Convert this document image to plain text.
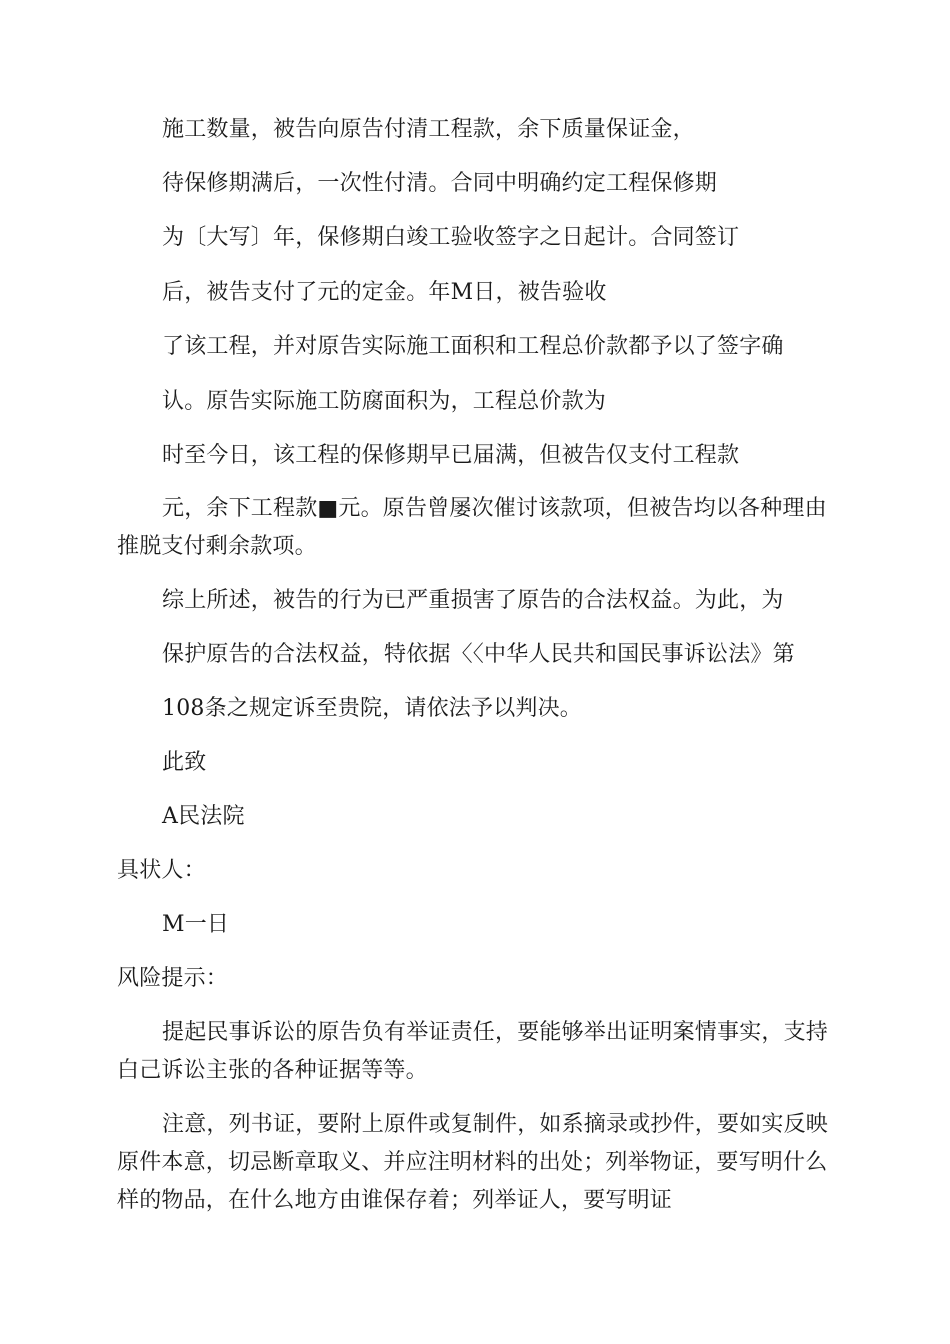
施工数量，被告向原告付清工程款，余下质量保证金，
待保修期满后，一次性付清。合同中明确约定工程保修期
为〔大写〕年，保修期白竣工验收签字之日起计。合同签订
后，被告支付了元的定金。年M日，被告验收
了该工程，并对原告实际施工面积和工程总价款都予以了签字确
认。原告实际施工防腐面积为，工程总价款为
时至今日，该工程的保修期早已届满，但被告仅支付工程款
元，余下工程款■元。原告曾屡次催讨该款项，但被告均以各种理由
推脱支付剩余款项。
综上所述，被告的行为已严重损害了原告的合法权益。为此，为
保护原告的合法权益，特依据〈〈中华人民共和国民事诉讼法》第
108条之规定诉至贵院，请依法予以判决。
此致
A民法院
具状人：
M一日
风险提示：
提起民事诉讼的原告负有举证责任，要能够举出证明案情事实，支持
白己诉讼主张的各种证据等等。
注意，列书证，要附上原件或复制件，如系摘录或抄件，要如实反映
原件本意，切忌断章取义、并应注明材料的出处；列举物证，要写明什么
样的物品，在什么地方由谁保存着；列举证人，要写明证
